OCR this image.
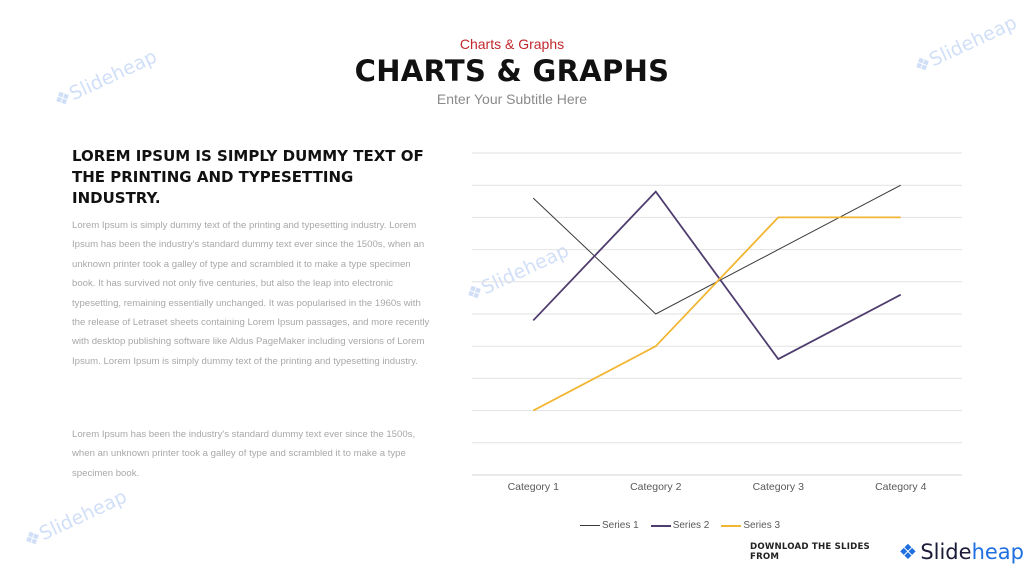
❖
Slideheap	❖
Slideheap
❖
Slideheap
❖
Slideheap
Charts & Graphs
CHARTS & GRAPHS
Enter Your Subtitle Here
LOREM IPSUM IS SIMPLY DUMMY TEXT OF THE PRINTING AND TYPESETTING INDUSTRY.
Lorem Ipsum is simply dummy text of the printing and typesetting industry. Lorem Ipsum has been the industry's standard dummy text ever since the 1500s, when an unknown printer took a galley of type and scrambled it to make a type specimen book. It has survived not only five centuries, but also the leap into electronic typesetting, remaining essentially unchanged. It was popularised in the 1960s with the release of Letraset sheets containing Lorem Ipsum passages, and more recently with desktop publishing software like Aldus PageMaker including versions of Lorem Ipsum. Lorem Ipsum is simply dummy text of the printing and typesetting industry.
Lorem Ipsum has been the industry's standard dummy text ever since the 1500s, when an unknown printer took a galley of type and scrambled it to make a type specimen book.
Category 1	Category 2	Category 3	Category 4
Series 1	Series 2	Series 3
DOWNLOAD THE SLIDES FROM	❖ Slide heap
